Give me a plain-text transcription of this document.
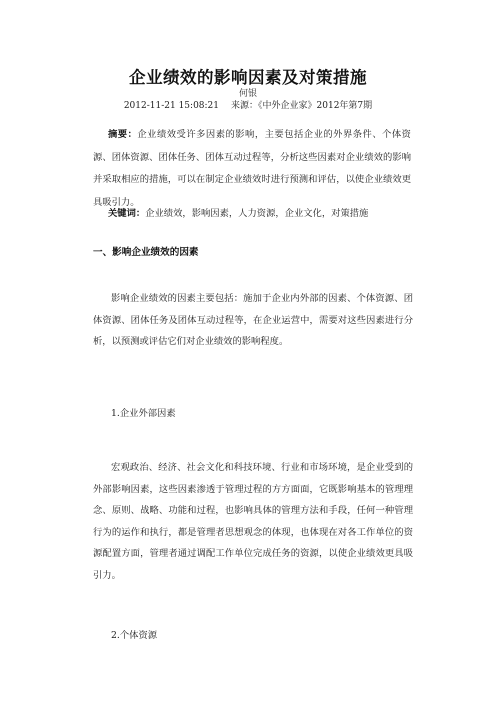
企业绩效的影响因素及对策措施
何银
2012-11-21 15:08:21 来源：《中外企业家》2012年第7期

摘要：企业绩效受许多因素的影响，主要包括企业的外界条件、个体资源、团体资源、团体任务、团体互动过程等，分析这些因素对企业绩效的影响并采取相应的措施，可以在制定企业绩效时进行预测和评估，以使企业绩效更具吸引力。

关键词：企业绩效，影响因素，人力资源，企业文化，对策措施

一、影响企业绩效的因素

影响企业绩效的因素主要包括：施加于企业内外部的因素、个体资源、团体资源、团体任务及团体互动过程等，在企业运营中，需要对这些因素进行分析，以预测或评估它们对企业绩效的影响程度。

1.企业外部因素

宏观政治、经济、社会文化和科技环境、行业和市场环境，是企业受到的外部影响因素，这些因素渗透于管理过程的方方面面，它既影响基本的管理理念、原则、战略、功能和过程，也影响具体的管理方法和手段，任何一种管理行为的运作和执行，都是管理者思想观念的体现，也体现在对各工作单位的资源配置方面，管理者通过调配工作单位完成任务的资源，以使企业绩效更具吸引力。

2.个体资源
